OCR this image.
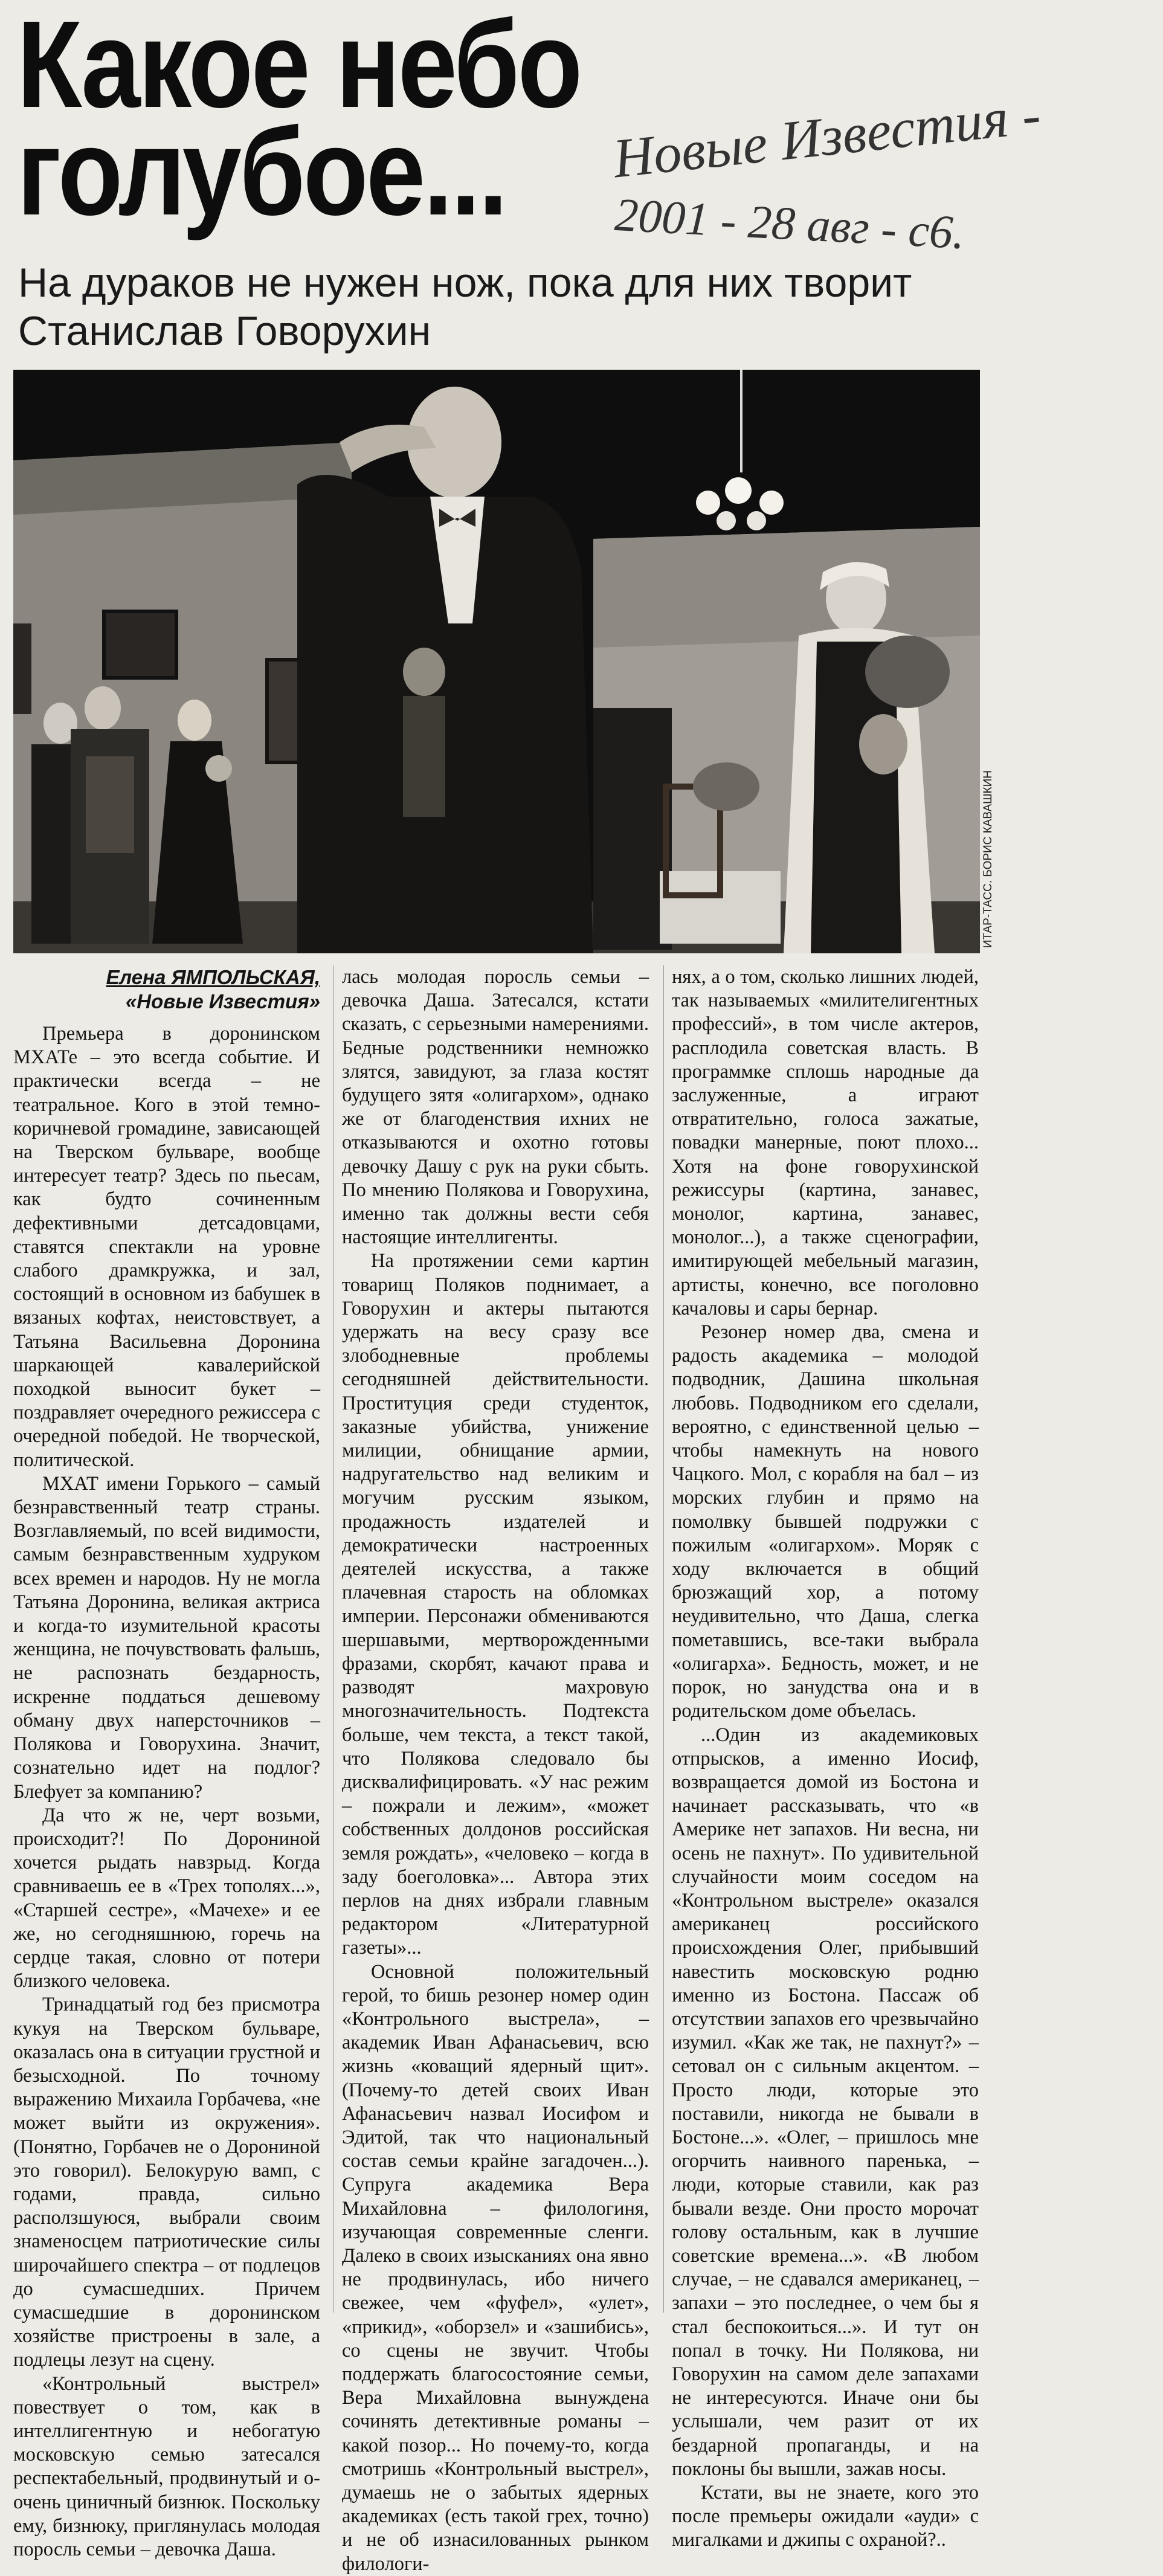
Какое небо
голубое...	Новые Известия -
2001 - 28 авг - с6.
На дураков не нужен нож, пока для них творит
Станислав Говорухин
ИТАР-ТАСС. БОРИС КАВАШКИН
Елена ЯМПОЛЬСКАЯ,
«Новые Известия»

Премьера в доронинском МХАТе – это всегда событие. И практически всегда – не театральное. Кого в этой темно-коричневой громадине, зависающей на Тверском бульваре, вообще интересует театр? Здесь по пьесам, как будто сочиненным дефективными детсадовцами, ставятся спектакли на уровне слабого драмкружка, и зал, состоящий в основном из бабушек в вязаных кофтах, неистовствует, а Татьяна Васильевна Доронина шаркающей кавалерийской походкой выносит букет – поздравляет очередного режиссера с очередной победой. Не творческой, политической.

МХАТ имени Горького – самый безнравственный театр страны. Возглавляемый, по всей видимости, самым безнравственным худруком всех времен и народов. Ну не могла Татьяна Доронина, великая актриса и когда-то изумительной красоты женщина, не почувствовать фальшь, не распознать бездарность, искренне поддаться дешевому обману двух наперсточников – Полякова и Говорухина. Значит, сознательно идет на подлог? Блефует за компанию?

Да что ж не, черт возьми, происходит?! По Дорониной хочется рыдать навзрыд. Когда сравниваешь ее в «Трех тополях...», «Старшей сестре», «Мачехе» и ее же, но сегодняшнюю, горечь на сердце такая, словно от потери близкого человека.

Тринадцатый год без присмотра кукуя на Тверском бульваре, оказалась она в ситуации грустной и безысходной. По точному выражению Михаила Горбачева, «не может выйти из окружения». (Понятно, Горбачев не о Дорониной это говорил). Белокурую вамп, с годами, правда, сильно расползшуюся, выбрали своим знаменосцем патриотические силы широчайшего спектра – от подлецов до сумасшедших. Причем сумасшедшие в доронинском хозяйстве пристроены в зале, а подлецы лезут на сцену.

«Контрольный выстрел» повествует о том, как в интеллигентную и небогатую московскую семью затесался респектабельный, продвинутый и о-очень циничный бизнюк. Поскольку ему, бизнюку, приглянулась молодая поросль семьи – девочка Даша.

лась молодая поросль семьи – девочка Даша. Затесался, кстати сказать, с серьезными намерениями. Бедные родственники немножко злятся, завидуют, за глаза костят будущего зятя «олигархом», однако же от благоденствия ихних не отказываются и охотно готовы девочку Дашу с рук на руки сбыть. По мнению Полякова и Говорухина, именно так должны вести себя настоящие интеллигенты.

На протяжении семи картин товарищ Поляков поднимает, а Говорухин и актеры пытаются удержать на весу сразу все злободневные проблемы сегодняшней действительности. Проституция среди студенток, заказные убийства, унижение милиции, обнищание армии, надругательство над великим и могучим русским языком, продажность издателей и демократически настроенных деятелей искусства, а также плачевная старость на обломках империи. Персонажи обмениваются шершавыми, мертворожденными фразами, скорбят, качают права и разводят махровую многозначительность. Подтекста больше, чем текста, а текст такой, что Полякова следовало бы дисквалифицировать. «У нас режим – пожрали и лежим», «может собственных долдонов российская земля рождать», «человеко – когда в заду боеголовка»... Автора этих перлов на днях избрали главным редактором «Литературной газеты»...

Основной положительный герой, то бишь резонер номер один «Контрольного выстрела», – академик Иван Афанасьевич, всю жизнь «коващий ядерный щит». (Почему-то детей своих Иван Афанасьевич назвал Иосифом и Эдитой, так что национальный состав семьи крайне загадочен...). Супруга академика Вера Михайловна – филологиня, изучающая современные сленги. Далеко в своих изысканиях она явно не продвинулась, ибо ничего свежее, чем «фуфел», «улет», «прикид», «оборзел» и «зашибись», со сцены не звучит. Чтобы поддержать благосостояние семьи, Вера Михайловна вынуждена сочинять детективные романы – какой позор... Но почему-то, когда смотришь «Контрольный выстрел», думаешь не о забытых ядерных академиках (есть такой грех, точно) и не об изнасилованных рынком филологи-

нях, а о том, сколько лишних людей, так называемых «милителигентных профессий», в том числе актеров, расплодила советская власть. В программке сплошь народные да заслуженные, а играют отвратительно, голоса зажатые, повадки манерные, поют плохо... Хотя на фоне говорухинской режиссуры (картина, занавес, монолог, картина, занавес, монолог...), а также сценографии, имитирующей мебельный магазин, артисты, конечно, все поголовно качаловы и сары бернар.

Резонер номер два, смена и радость академика – молодой подводник, Дашина школьная любовь. Подводником его сделали, вероятно, с единственной целью – чтобы намекнуть на нового Чацкого. Мол, с корабля на бал – из морских глубин и прямо на помолвку бывшей подружки с пожилым «олигархом». Моряк с ходу включается в общий брюзжащий хор, а потому неудивительно, что Даша, слегка пометавшись, все-таки выбрала «олигарха». Бедность, может, и не порок, но занудства она и в родительском доме объелась.

...Один из академиковых отпрысков, а именно Иосиф, возвращается домой из Бостона и начинает рассказывать, что «в Америке нет запахов. Ни весна, ни осень не пахнут». По удивительной случайности моим соседом на «Контрольном выстреле» оказался американец российского происхождения Олег, прибывший навестить московскую родню именно из Бостона. Пассаж об отсутствии запахов его чрезвычайно изумил. «Как же так, не пахнут?» – сетовал он с сильным акцентом. – Просто люди, которые это поставили, никогда не бывали в Бостоне...». «Олег, – пришлось мне огорчить наивного паренька, – люди, которые ставили, как раз бывали везде. Они просто морочат голову остальным, как в лучшие советские времена...». «В любом случае, – не сдавался американец, – запахи – это последнее, о чем бы я стал беспокоиться...». И тут он попал в точку. Ни Полякова, ни Говорухин на самом деле запахами не интересуются. Иначе они бы услышали, чем разит от их бездарной пропаганды, и на поклоны бы вышли, зажав носы.

Кстати, вы не знаете, кого это после премьеры ожидали «ауди» с мигалками и джипы с охраной?..
